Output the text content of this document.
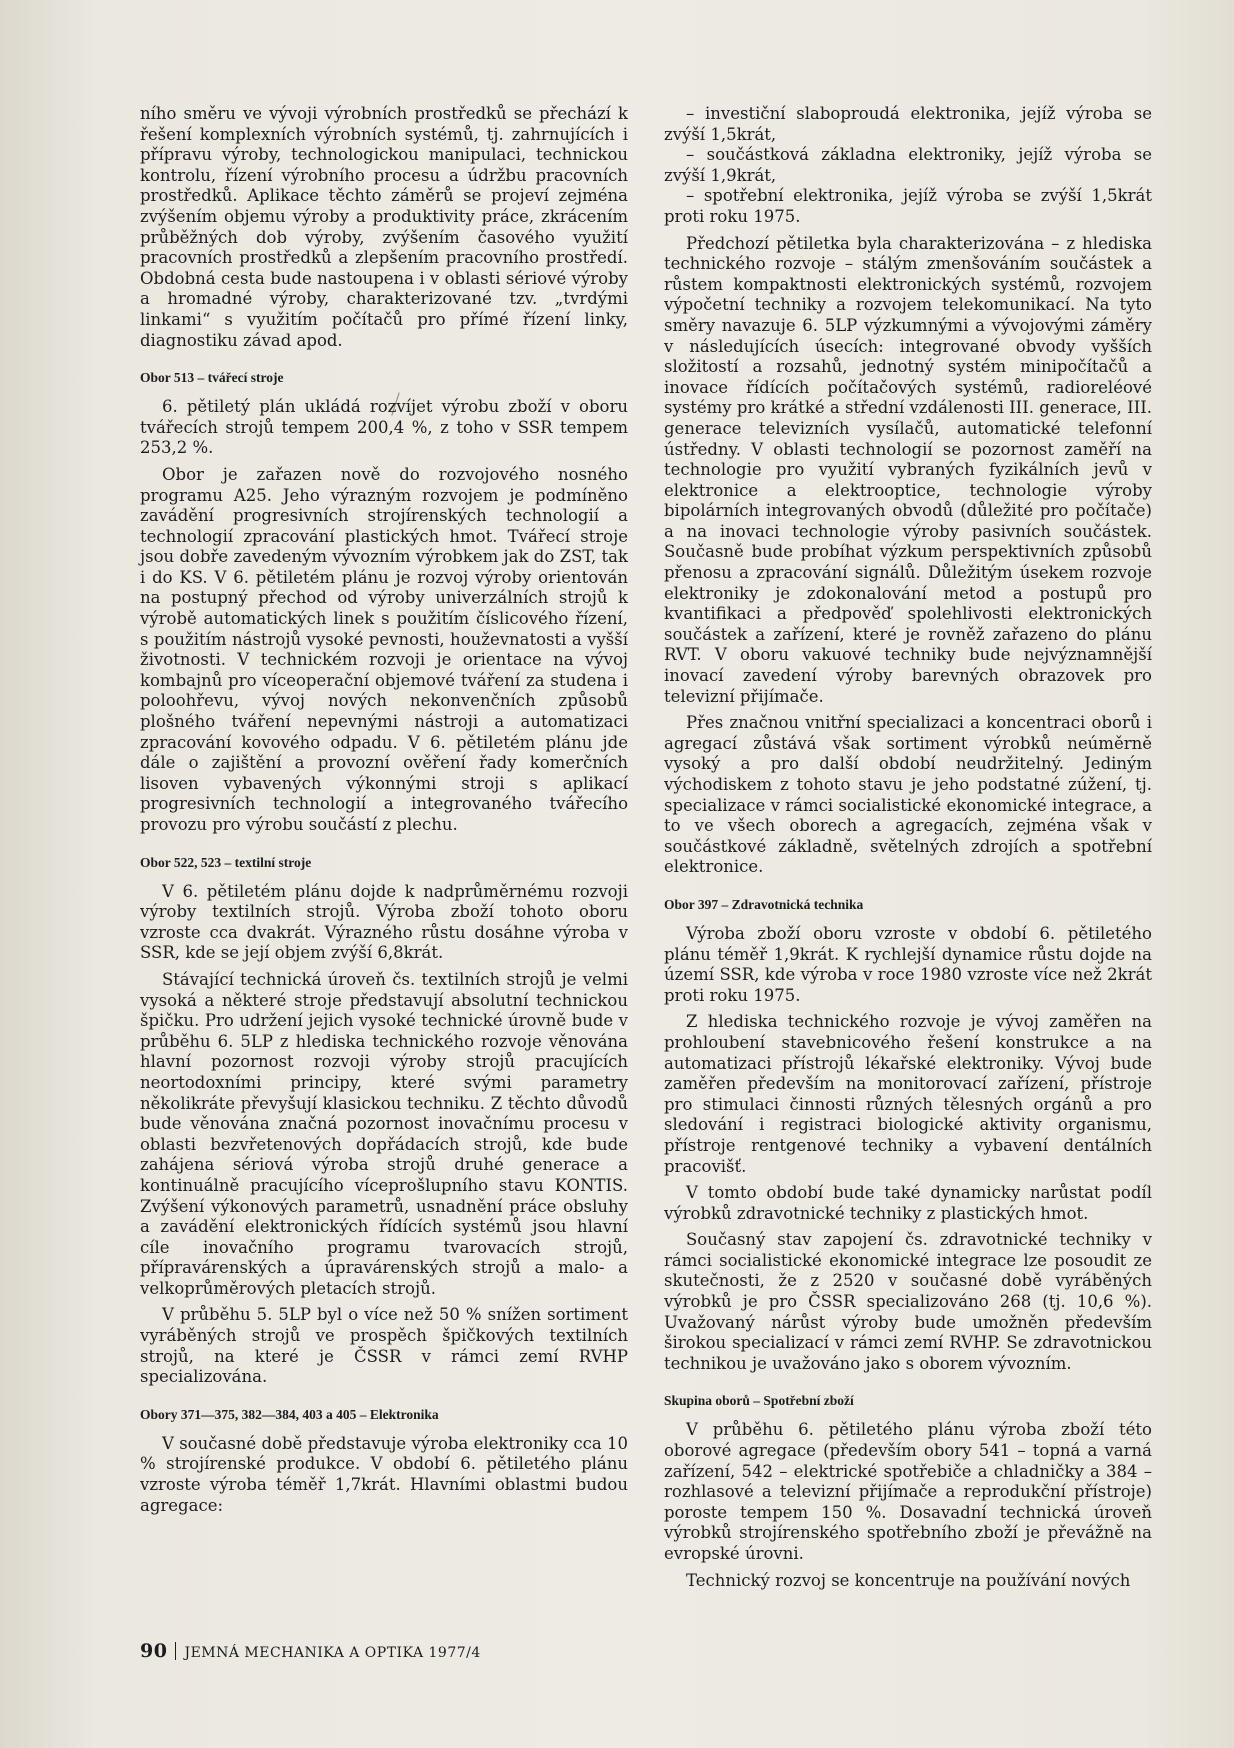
ního směru ve vývoji výrobních prostředků se přechází k řešení komplexních výrobních systémů, tj. zahrnujících i přípravu výroby, technologickou manipulaci, technickou kontrolu, řízení výrobního procesu a údržbu pracovních prostředků. Aplikace těchto záměrů se projeví zejména zvýšením objemu výroby a produktivity práce, zkrácením průběžných dob výroby, zvýšením časového využití pracovních prostředků a zlepšením pracovního prostředí. Obdobná cesta bude nastoupena i v oblasti sériové výroby a hromadné výroby, charakterizované tzv. „tvrdými linkami“ s využitím počítačů pro přímé řízení linky, diagnostiku závad apod.

Obor 513 – tvářecí stroje

6. pětiletý plán ukládá rozvíjet výrobu zboží v oboru tvářecích strojů tempem 200,4 %, z toho v SSR tempem 253,2 %.

Obor je zařazen nově do rozvojového nosného programu A25. Jeho výrazným rozvojem je podmíněno zavádění progresivních strojírenských technologií a technologií zpracování plastických hmot. Tvářecí stroje jsou dobře zavedeným vývozním výrobkem jak do ZST, tak i do KS. V 6. pětiletém plánu je rozvoj výroby orientován na postupný přechod od výroby univerzálních strojů k výrobě automatických linek s použitím číslicového řízení, s použitím nástrojů vysoké pevnosti, houževnatosti a vyšší životnosti. V technickém rozvoji je orientace na vývoj kombajnů pro víceoperační objemové tváření za studena i poloohřevu, vývoj nových nekonvenčních způsobů plošného tváření nepevnými nástroji a automatizaci zpracování kovového odpadu. V 6. pětiletém plánu jde dále o zajištění a provozní ověření řady komerčních lisoven vybavených výkonnými stroji s aplikací progresivních technologií a integrovaného tvářecího provozu pro výrobu součástí z plechu.

Obor 522, 523 – textilní stroje

V 6. pětiletém plánu dojde k nadprůměrnému rozvoji výroby textilních strojů. Výroba zboží tohoto oboru vzroste cca dvakrát. Výrazného růstu dosáhne výroba v SSR, kde se její objem zvýší 6,8krát.

Stávající technická úroveň čs. textilních strojů je velmi vysoká a některé stroje představují absolutní technickou špičku. Pro udržení jejich vysoké technické úrovně bude v průběhu 6. 5LP z hlediska technického rozvoje věnována hlavní pozornost rozvoji výroby strojů pracujících neortodoxními principy, které svými parametry několikráte převyšují klasickou techniku. Z těchto důvodů bude věnována značná pozornost inovačnímu procesu v oblasti bezvřetenových dopřádacích strojů, kde bude zahájena sériová výroba strojů druhé generace a kontinuálně pracujícího víceprošlupního stavu KONTIS. Zvýšení výkonových parametrů, usnadnění práce obsluhy a zavádění elektronických řídících systémů jsou hlavní cíle inovačního programu tvarovacích strojů, přípravárenských a úpravárenských strojů a malo- a velkoprůměrových pletacích strojů.

V průběhu 5. 5LP byl o více než 50 % snížen sortiment vyráběných strojů ve prospěch špičkových textilních strojů, na které je ČSSR v rámci zemí RVHP specializována.

Obory 371—375, 382—384, 403 a 405 – Elektronika

V současné době představuje výroba elektroniky cca 10 % strojírenské produkce. V období 6. pětiletého plánu vzroste výroba téměř 1,7krát. Hlavními oblastmi budou agregace:

– investiční slaboproudá elektronika, jejíž výroba se zvýší 1,5krát,

– součástková základna elektroniky, jejíž výroba se zvýší 1,9krát,

– spotřební elektronika, jejíž výroba se zvýší 1,5krát proti roku 1975.

Předchozí pětiletka byla charakterizována – z hlediska technického rozvoje – stálým zmenšováním součástek a růstem kompaktnosti elektronických systémů, rozvojem výpočetní techniky a rozvojem telekomunikací. Na tyto směry navazuje 6. 5LP výzkumnými a vývojovými záměry v následujících úsecích: integrované obvody vyšších složitostí a rozsahů, jednotný systém minipočítačů a inovace řídících počítačových systémů, radioreléové systémy pro krátké a střední vzdálenosti III. generace, III. generace televizních vysílačů, automatické telefonní ústředny. V oblasti technologií se pozornost zaměří na technologie pro využití vybraných fyzikálních jevů v elektronice a elektrooptice, technologie výroby bipolárních integrovaných obvodů (důležité pro počítače) a na inovaci technologie výroby pasivních součástek. Současně bude probíhat výzkum perspektivních způsobů přenosu a zpracování signálů. Důležitým úsekem rozvoje elektroniky je zdokonalování metod a postupů pro kvantifikaci a předpověď spolehlivosti elektronických součástek a zařízení, které je rovněž zařazeno do plánu RVT. V oboru vakuové techniky bude nejvýznamnější inovací zavedení výroby barevných obrazovek pro televizní přijímače.

Přes značnou vnitřní specializaci a koncentraci oborů i agregací zůstává však sortiment výrobků neúměrně vysoký a pro další období neudržitelný. Jediným východiskem z tohoto stavu je jeho podstatné zúžení, tj. specializace v rámci socialistické ekonomické integrace, a to ve všech oborech a agregacích, zejména však v součástkové základně, světelných zdrojích a spotřební elektronice.

Obor 397 – Zdravotnická technika

Výroba zboží oboru vzroste v období 6. pětiletého plánu téměř 1,9krát. K rychlejší dynamice růstu dojde na území SSR, kde výroba v roce 1980 vzroste více než 2krát proti roku 1975.

Z hlediska technického rozvoje je vývoj zaměřen na prohloubení stavebnicového řešení konstrukce a na automatizaci přístrojů lékařské elektroniky. Vývoj bude zaměřen především na monitorovací zařízení, přístroje pro stimulaci činnosti různých tělesných orgánů a pro sledování i registraci biologické aktivity organismu, přístroje rentgenové techniky a vybavení dentálních pracovišť.

V tomto období bude také dynamicky narůstat podíl výrobků zdravotnické techniky z plastických hmot.

Současný stav zapojení čs. zdravotnické techniky v rámci socialistické ekonomické integrace lze posoudit ze skutečnosti, že z 2520 v současné době vyráběných výrobků je pro ČSSR specializováno 268 (tj. 10,6 %). Uvažovaný nárůst výroby bude umožněn především širokou specializací v rámci zemí RVHP. Se zdravotnickou technikou je uvažováno jako s oborem vývozním.

Skupina oborů – Spotřební zboží

V průběhu 6. pětiletého plánu výroba zboží této oborové agregace (především obory 541 – topná a varná zařízení, 542 – elektrické spotřebiče a chladničky a 384 – rozhlasové a televizní přijímače a reprodukční přístroje) poroste tempem 150 %. Dosavadní technická úroveň výrobků strojírenského spotřebního zboží je převážně na evropské úrovni.

Technický rozvoj se koncentruje na používání nových

90 JEMNÁ MECHANIKA A OPTIKA 1977/4
